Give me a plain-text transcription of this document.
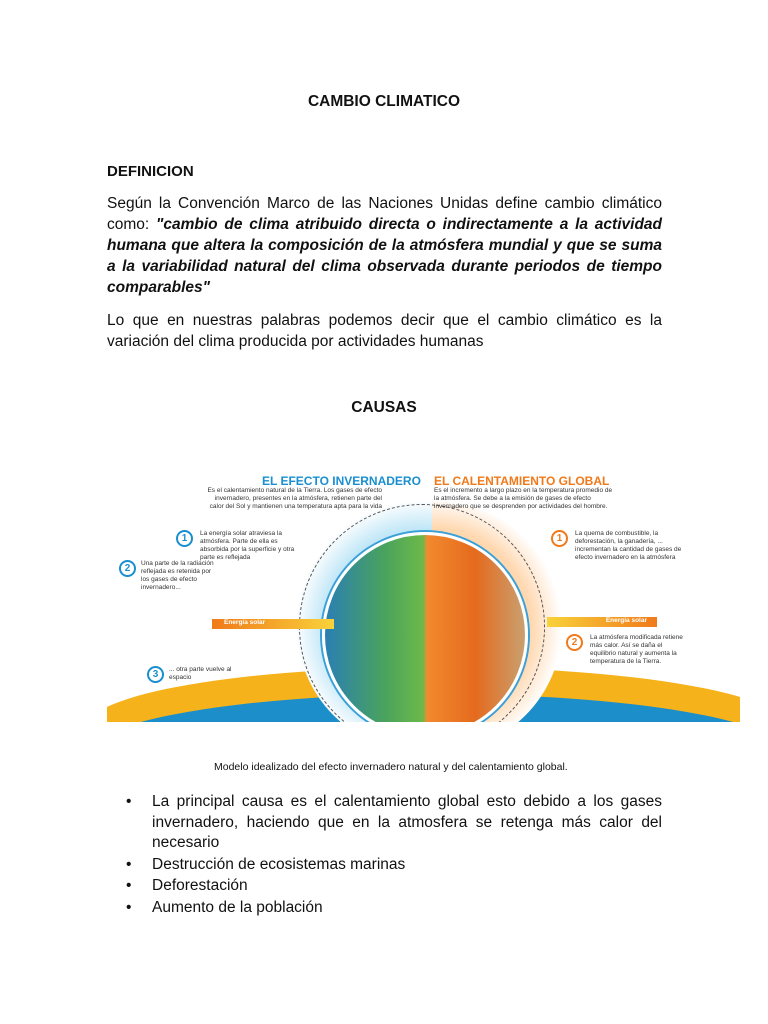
CAMBIO CLIMATICO
DEFINICION
Según la Convención Marco de las Naciones Unidas define cambio climático como: "cambio de clima atribuido directa o indirectamente a la actividad humana que altera la composición de la atmósfera mundial y que se suma a la variabilidad natural del clima observada durante periodos de tiempo comparables"
Lo que en nuestras palabras podemos decir que el cambio climático es la variación del clima producida por actividades humanas
CAUSAS
EL EFECTO INVERNADERO
Es el calentamiento natural de la Tierra. Los gases de efecto invernadero, presentes en la atmósfera, retienen parte del calor del Sol y mantienen una temperatura apta para la vida
1	La energía solar atraviesa la atmósfera. Parte de ella es absorbida por la superficie y otra parte es reflejada
2	Una parte de la radiación reflejada es retenida por los gases de efecto invernadero...
3	... otra parte vuelve al espacio
Energía solar
EL CALENTAMIENTO GLOBAL
Es el incremento a largo plazo en la temperatura promedio de la atmósfera. Se debe a la emisión de gases de efecto invernadero que se desprenden por actividades del hombre.
1	La quema de combustible, la deforestación, la ganadería, ... incrementan la cantidad de gases de efecto invernadero en la atmósfera
2	La atmósfera modificada retiene más calor. Así se daña el equilibrio natural y aumenta la temperatura de la Tierra.
Energía solar
Modelo idealizado del efecto invernadero natural y del calentamiento global.
• La principal causa es el calentamiento global esto debido a los gases invernadero, haciendo que en la atmosfera se retenga más calor del necesario
• Destrucción de ecosistemas marinas
• Deforestación
• Aumento de la población
